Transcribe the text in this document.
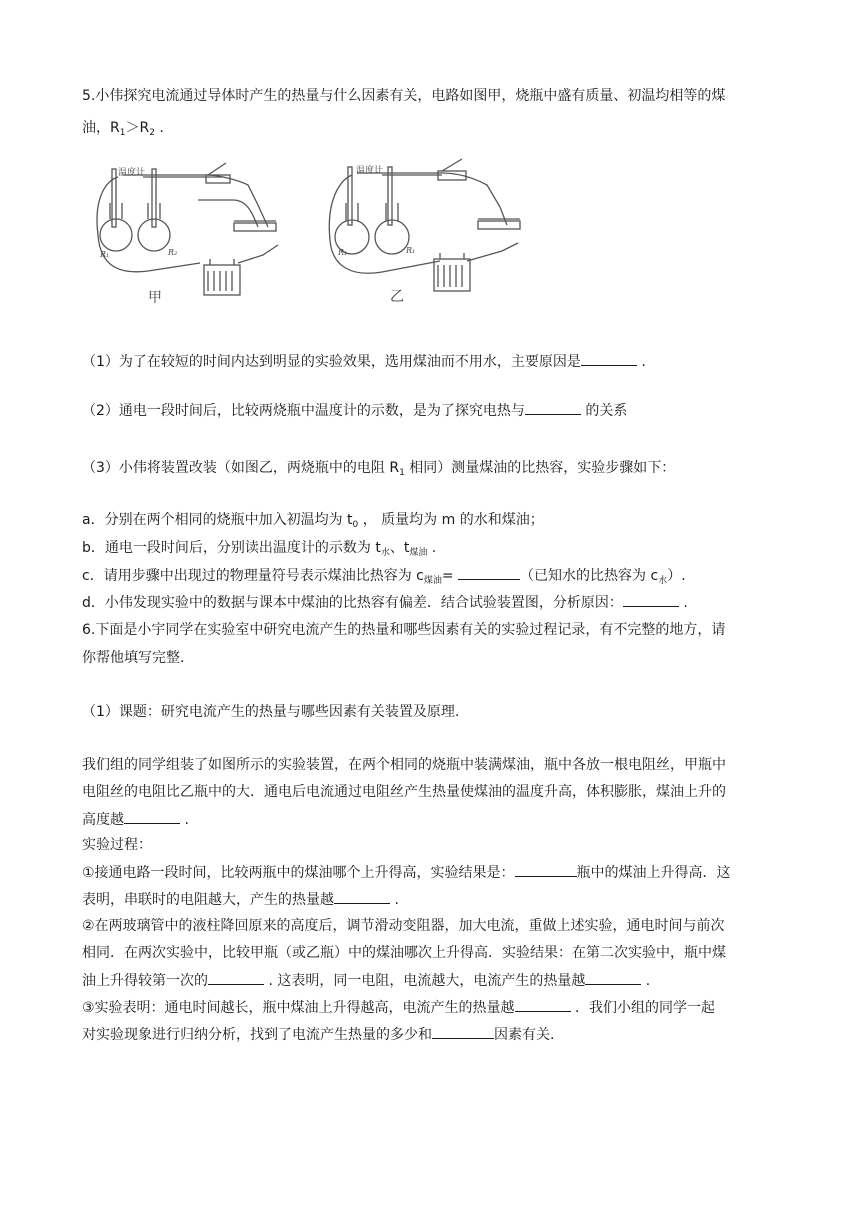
5.小伟探究电流通过导体时产生的热量与什么因素有关，电路如图甲，烧瓶中盛有质量、初温均相等的煤
油，$R_1>R_2$ .
温度计
R₁	R₂
甲
温度计
R₁	R₁
乙
（1）为了在较短的时间内达到明显的实验效果，选用煤油而不用水，主要原因是	.
（2）通电一段时间后，比较两烧瓶中温度计的示数，是为了探究电热与	的关系
（3）小伟将装置改装（如图乙，两烧瓶中的电阻 $R_1$ 相同）测量煤油的比热容，实验步骤如下：
a．分别在两个相同的烧瓶中加入初温均为 $t_0$ ， 质量均为 m 的水和煤油；
b．通电一段时间后，分别读出温度计的示数为 $t_水$、$t_{煤油}$ .
c．请用步骤中出现过的物理量符号表示煤油比热容为 $c_{煤油}=$	（已知水的比热容为 $c_水$）.
d．小伟发现实验中的数据与课本中煤油的比热容有偏差．结合试验装置图，分析原因：	.
6.下面是小宇同学在实验室中研究电流产生的热量和哪些因素有关的实验过程记录，有不完整的地方，请
你帮他填写完整.
（1）课题：研究电流产生的热量与哪些因素有关装置及原理.
我们组的同学组装了如图所示的实验装置，在两个相同的烧瓶中装满煤油，瓶中各放一根电阻丝，甲瓶中
电阻丝的电阻比乙瓶中的大．通电后电流通过电阻丝产生热量使煤油的温度升高，体积膨胀，煤油上升的
高度越	.
实验过程：
①接通电路一段时间，比较两瓶中的煤油哪个上升得高，实验结果是：	瓶中的煤油上升得高．这
表明，串联时的电阻越大，产生的热量越	.
②在两玻璃管中的液柱降回原来的高度后，调节滑动变阻器，加大电流，重做上述实验，通电时间与前次
相同．在两次实验中，比较甲瓶（或乙瓶）中的煤油哪次上升得高．实验结果：在第二次实验中，瓶中煤
油上升得较第一次的	. 这表明，同一电阻，电流越大，电流产生的热量越	.
③实验表明：通电时间越长，瓶中煤油上升得越高，电流产生的热量越	．我们小组的同学一起
对实验现象进行归纳分析，找到了电流产生热量的多少和	因素有关.
